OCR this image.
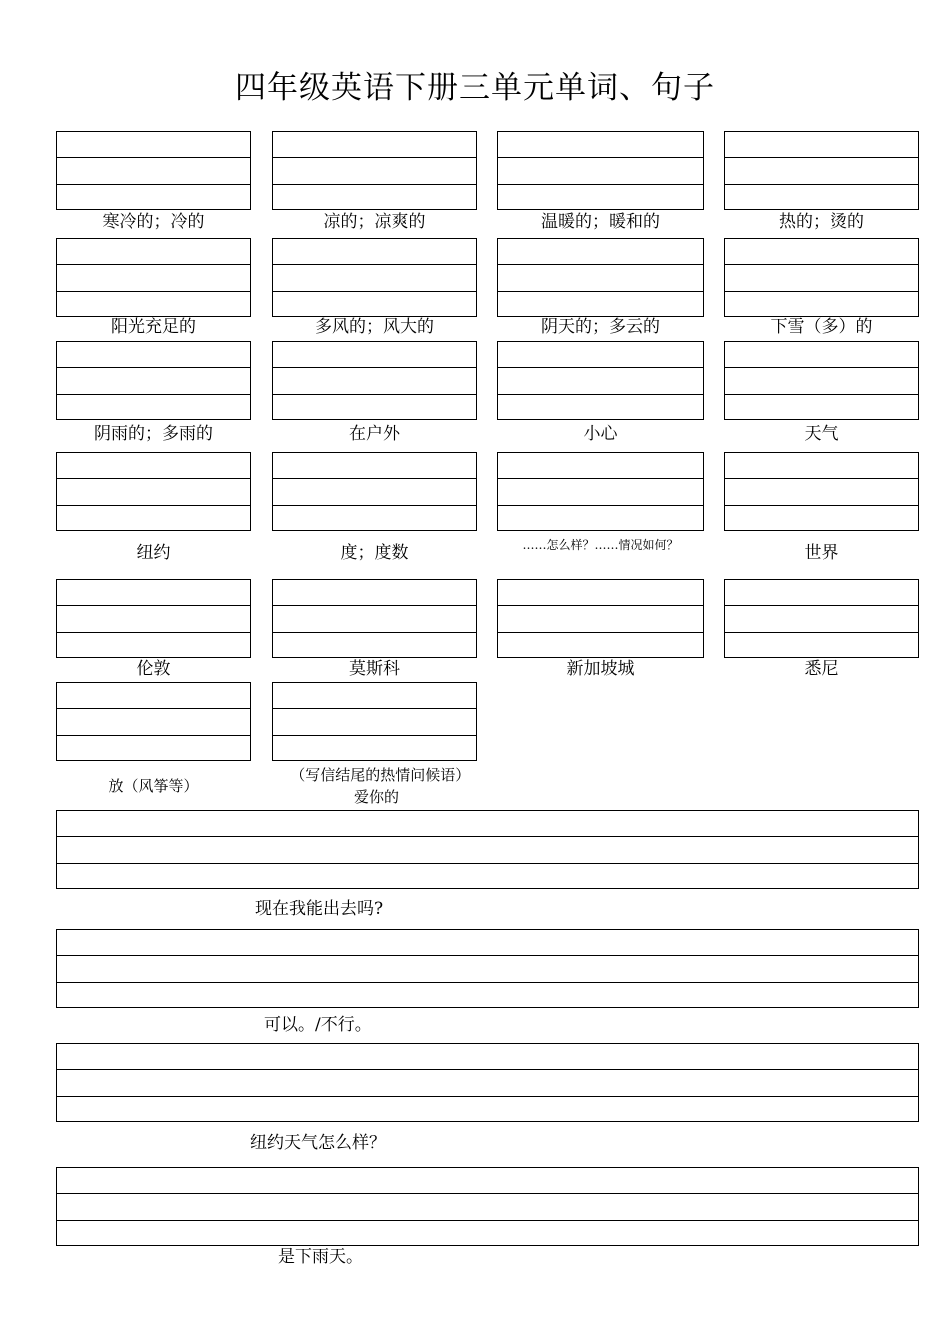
四年级英语下册三单元单词、句子
寒冷的；冷的	凉的；凉爽的	温暖的；暖和的	热的；烫的
阳光充足的	多风的；风大的	阴天的；多云的	下雪（多）的
阴雨的；多雨的	在户外	小心	天气
纽约	度；度数	……怎么样？……情况如何？	世界
伦敦	莫斯科	新加坡城	悉尼
放（风筝等）
（写信结尾的热情问候语）爱你的
现在我能出去吗?
可以。/不行。
纽约天气怎么样？
是下雨天。
